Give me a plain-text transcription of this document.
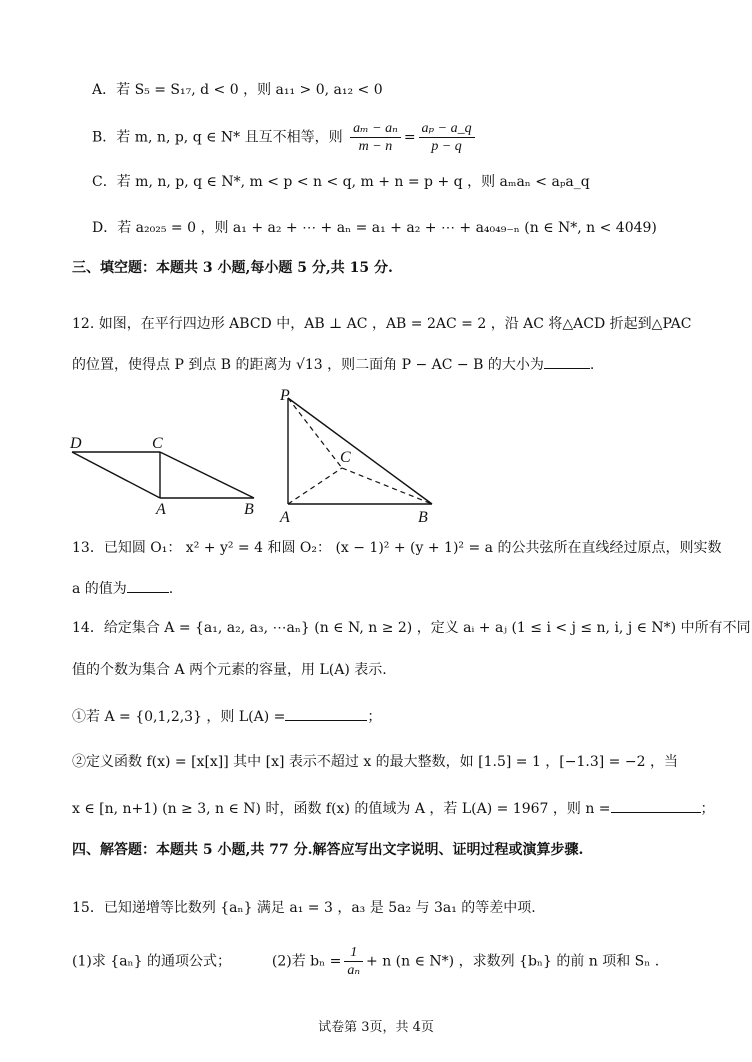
A．若 S₅ = S₁₇, d < 0 ，则 a₁₁ > 0, a₁₂ < 0
B．若 m, n, p, q ∈ N* 且互不相等，则 $\frac{\text{aₘ − aₙ}}{m - n} = \frac{\text{aₚ − a\_q}}{p - q}$
C．若 m, n, p, q ∈ N*, m < p < n < q, m + n = p + q ，则 aₘaₙ < aₚa_q
D．若 a₂₀₂₅ = 0 ，则 a₁ + a₂ + ⋯ + aₙ = a₁ + a₂ + ⋯ + a₄₀₄₉₋ₙ (n ∈ N*, n < 4049)
三、填空题：本题共 3 小题,每小题 5 分,共 15 分.
12. 如图，在平行四边形 ABCD 中，AB ⊥ AC ，AB = 2AC = 2 ，沿 AC 将△ACD 折起到△PAC
的位置，使得点 P 到点 B 的距离为 √13 ，则二面角 P − AC − B 的大小为	.
D	C
A	B
P
C
A	B
13．已知圆 O₁： x² + y² = 4 和圆 O₂： (x − 1)² + (y + 1)² = a 的公共弦所在直线经过原点，则实数
a 的值为	.
14．给定集合 A = {a₁, a₂, a₃, ⋯aₙ} (n ∈ N, n ≥ 2) ，定义 aᵢ + aⱼ (1 ≤ i < j ≤ n, i, j ∈ N*) 中所有不同
值的个数为集合 A 两个元素的容量，用 L(A) 表示.
①若 A = {0,1,2,3} ，则 L(A) =	；
②定义函数 f(x) = [x[x]] 其中 [x] 表示不超过 x 的最大整数，如 [1.5] = 1 ，[−1.3] = −2 ，当
x ∈ [n, n+1) (n ≥ 3, n ∈ N) 时，函数 f(x) 的值域为 A ，若 L(A) = 1967 ，则 n =	；
四、解答题：本题共 5 小题,共 77 分.解答应写出文字说明、证明过程或演算步骤.
15．已知递增等比数列 {aₙ} 满足 a₁ = 3 ，a₃ 是 5a₂ 与 3a₁ 的等差中项.
(1)求 {aₙ} 的通项公式；	(2)若 $b_n = \frac{1}{\text{aₙ}} + n$ (n ∈ N*) ，求数列 {bₙ} 的前 n 项和 Sₙ .
试卷第 3页，共 4页
